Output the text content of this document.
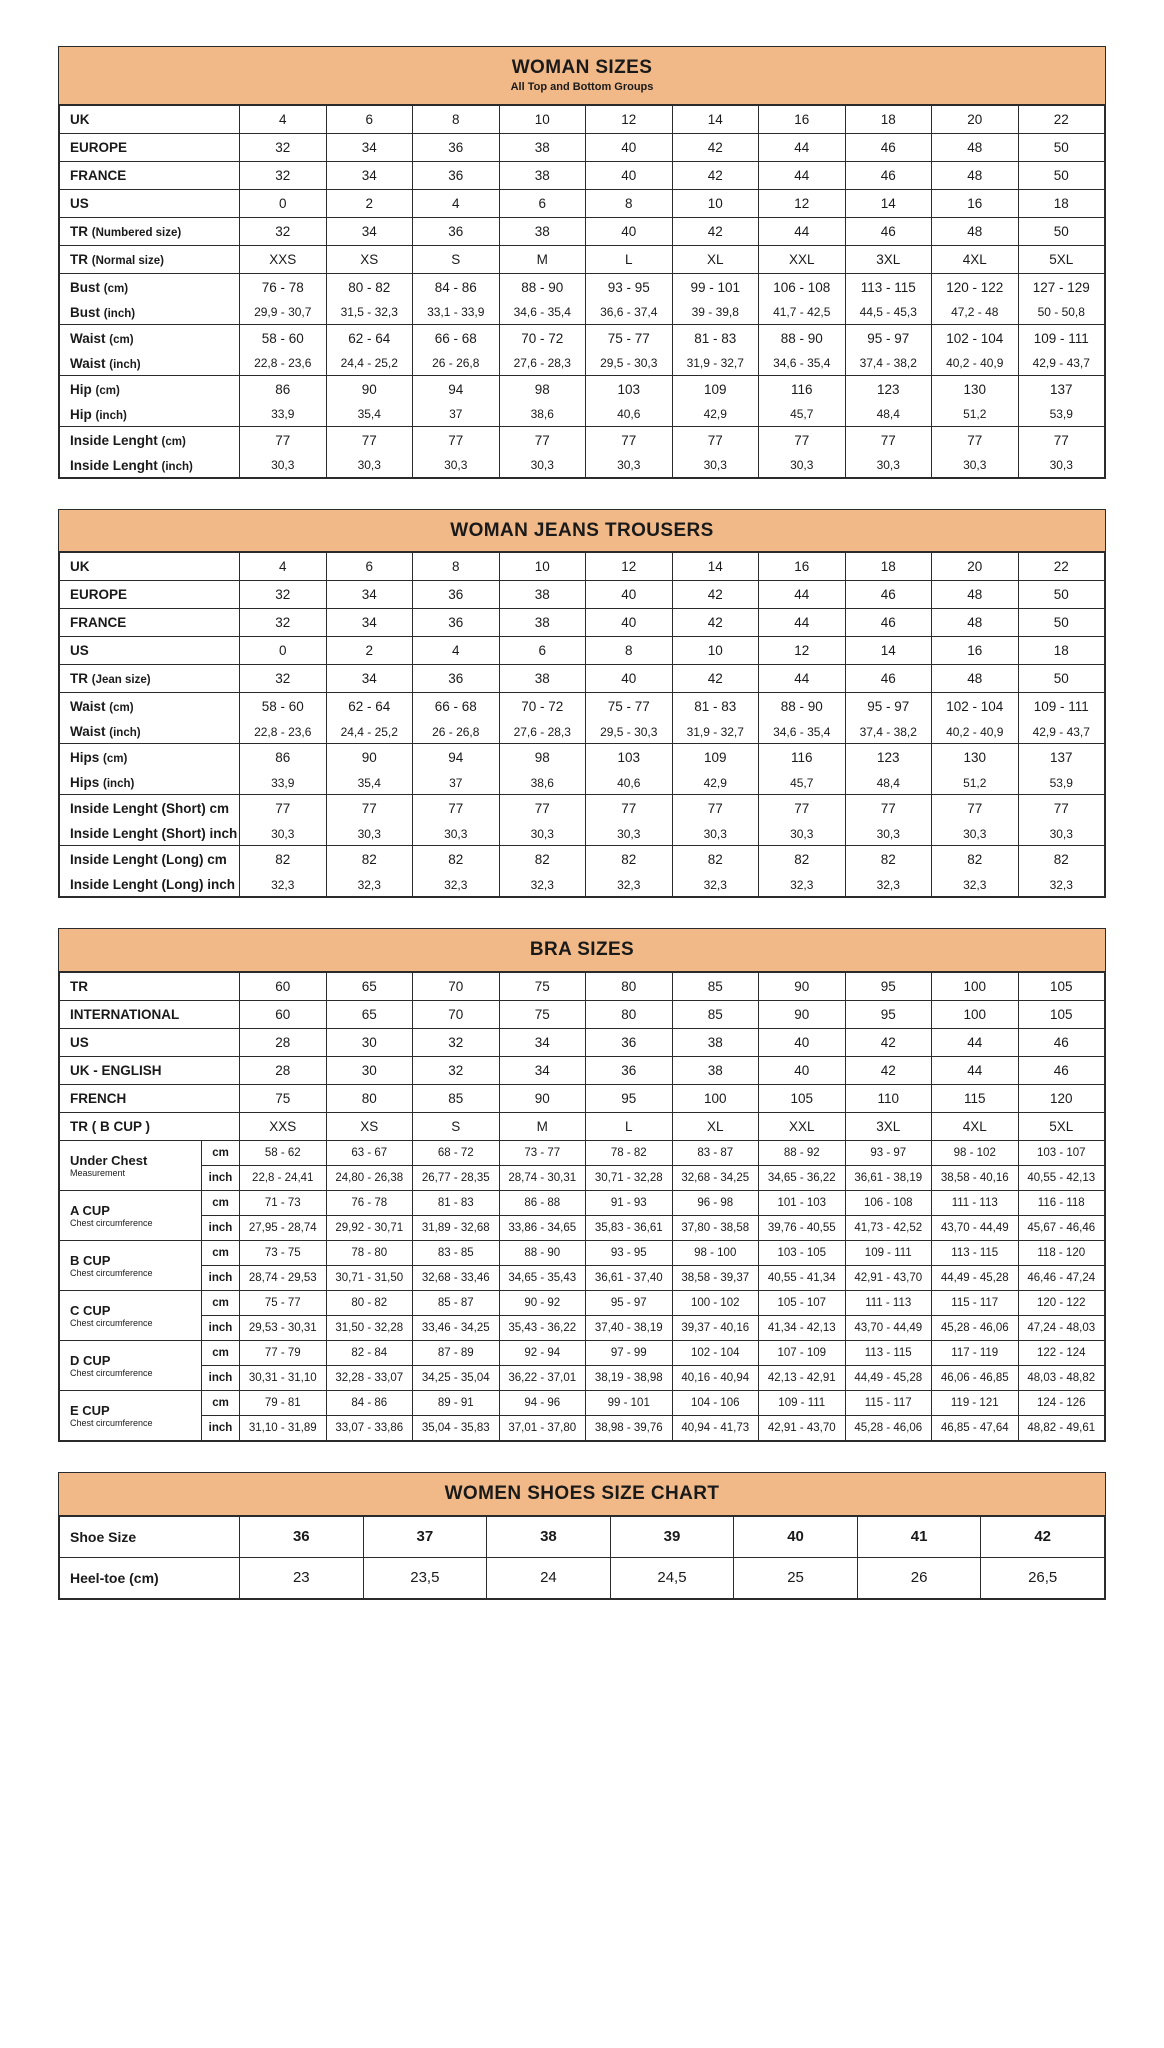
WOMAN SIZES
All Top and Bottom Groups
UK	4	6	8	10	12	14	16	18	20	22
EUROPE	32	34	36	38	40	42	44	46	48	50
FRANCE	32	34	36	38	40	42	44	46	48	50
US	0	2	4	6	8	10	12	14	16	18
TR (Numbered size)	32	34	36	38	40	42	44	46	48	50
TR (Normal size)	XXS	XS	S	M	L	XL	XXL	3XL	4XL	5XL
Bust (cm)	76 - 78	80 - 82	84 - 86	88 - 90	93 - 95	99 - 101	106 - 108	113 - 115	120 - 122	127 - 129
Bust (inch)	29,9 - 30,7	31,5 - 32,3	33,1 - 33,9	34,6 - 35,4	36,6 - 37,4	39 - 39,8	41,7 - 42,5	44,5 - 45,3	47,2 - 48	50 - 50,8
Waist (cm)	58 - 60	62 - 64	66 - 68	70 - 72	75 - 77	81 - 83	88 - 90	95 - 97	102 - 104	109 - 111
Waist (inch)	22,8 - 23,6	24,4 - 25,2	26 - 26,8	27,6 - 28,3	29,5 - 30,3	31,9 - 32,7	34,6 - 35,4	37,4 - 38,2	40,2 - 40,9	42,9 - 43,7
Hip (cm)	86	90	94	98	103	109	116	123	130	137
Hip (inch)	33,9	35,4	37	38,6	40,6	42,9	45,7	48,4	51,2	53,9
Inside Lenght (cm)	77	77	77	77	77	77	77	77	77	77
Inside Lenght (inch)	30,3	30,3	30,3	30,3	30,3	30,3	30,3	30,3	30,3	30,3
WOMAN JEANS TROUSERS
UK	4	6	8	10	12	14	16	18	20	22
EUROPE	32	34	36	38	40	42	44	46	48	50
FRANCE	32	34	36	38	40	42	44	46	48	50
US	0	2	4	6	8	10	12	14	16	18
TR (Jean size)	32	34	36	38	40	42	44	46	48	50
Waist (cm)	58 - 60	62 - 64	66 - 68	70 - 72	75 - 77	81 - 83	88 - 90	95 - 97	102 - 104	109 - 111
Waist (inch)	22,8 - 23,6	24,4 - 25,2	26 - 26,8	27,6 - 28,3	29,5 - 30,3	31,9 - 32,7	34,6 - 35,4	37,4 - 38,2	40,2 - 40,9	42,9 - 43,7
Hips (cm)	86	90	94	98	103	109	116	123	130	137
Hips (inch)	33,9	35,4	37	38,6	40,6	42,9	45,7	48,4	51,2	53,9
Inside Lenght (Short) cm	77	77	77	77	77	77	77	77	77	77
Inside Lenght (Short) inch	30,3	30,3	30,3	30,3	30,3	30,3	30,3	30,3	30,3	30,3
Inside Lenght (Long) cm	82	82	82	82	82	82	82	82	82	82
Inside Lenght (Long) inch	32,3	32,3	32,3	32,3	32,3	32,3	32,3	32,3	32,3	32,3
BRA SIZES
TR		60	65	70	75	80	85	90	95	100	105
INTERNATIONAL		60	65	70	75	80	85	90	95	100	105
US		28	30	32	34	36	38	40	42	44	46
UK - ENGLISH		28	30	32	34	36	38	40	42	44	46
FRENCH		75	80	85	90	95	100	105	110	115	120
TR ( B CUP )		XXS	XS	S	M	L	XL	XXL	3XL	4XL	5XL
Under Chest
Measurement	cm	58 - 62	63 - 67	68 - 72	73 - 77	78 - 82	83 - 87	88 - 92	93 - 97	98 - 102	103 - 107
	inch	22,8 - 24,41	24,80 - 26,38	26,77 - 28,35	28,74 - 30,31	30,71 - 32,28	32,68 - 34,25	34,65 - 36,22	36,61 - 38,19	38,58 - 40,16	40,55 - 42,13
A CUP
Chest circumference	cm	71 - 73	76 - 78	81 - 83	86 - 88	91 - 93	96 - 98	101 - 103	106 - 108	111 - 113	116 - 118
	inch	27,95 - 28,74	29,92 - 30,71	31,89 - 32,68	33,86 - 34,65	35,83 - 36,61	37,80 - 38,58	39,76 - 40,55	41,73 - 42,52	43,70 - 44,49	45,67 - 46,46
B CUP
Chest circumference	cm	73 - 75	78 - 80	83 - 85	88 - 90	93 - 95	98 - 100	103 - 105	109 - 111	113 - 115	118 - 120
	inch	28,74 - 29,53	30,71 - 31,50	32,68 - 33,46	34,65 - 35,43	36,61 - 37,40	38,58 - 39,37	40,55 - 41,34	42,91 - 43,70	44,49 - 45,28	46,46 - 47,24
C CUP
Chest circumference	cm	75 - 77	80 - 82	85 - 87	90 - 92	95 - 97	100 - 102	105 - 107	111 - 113	115 - 117	120 - 122
	inch	29,53 - 30,31	31,50 - 32,28	33,46 - 34,25	35,43 - 36,22	37,40 - 38,19	39,37 - 40,16	41,34 - 42,13	43,70 - 44,49	45,28 - 46,06	47,24 - 48,03
D CUP
Chest circumference	cm	77 - 79	82 - 84	87 - 89	92 - 94	97 - 99	102 - 104	107 - 109	113 - 115	117 - 119	122 - 124
	inch	30,31 - 31,10	32,28 - 33,07	34,25 - 35,04	36,22 - 37,01	38,19 - 38,98	40,16 - 40,94	42,13 - 42,91	44,49 - 45,28	46,06 - 46,85	48,03 - 48,82
E CUP
Chest circumference	cm	79 - 81	84 - 86	89 - 91	94 - 96	99 - 101	104 - 106	109 - 111	115 - 117	119 - 121	124 - 126
	inch	31,10 - 31,89	33,07 - 33,86	35,04 - 35,83	37,01 - 37,80	38,98 - 39,76	40,94 - 41,73	42,91 - 43,70	45,28 - 46,06	46,85 - 47,64	48,82 - 49,61
WOMEN SHOES SIZE CHART
Shoe Size	36	37	38	39	40	41	42
Heel-toe (cm)	23	23,5	24	24,5	25	26	26,5
